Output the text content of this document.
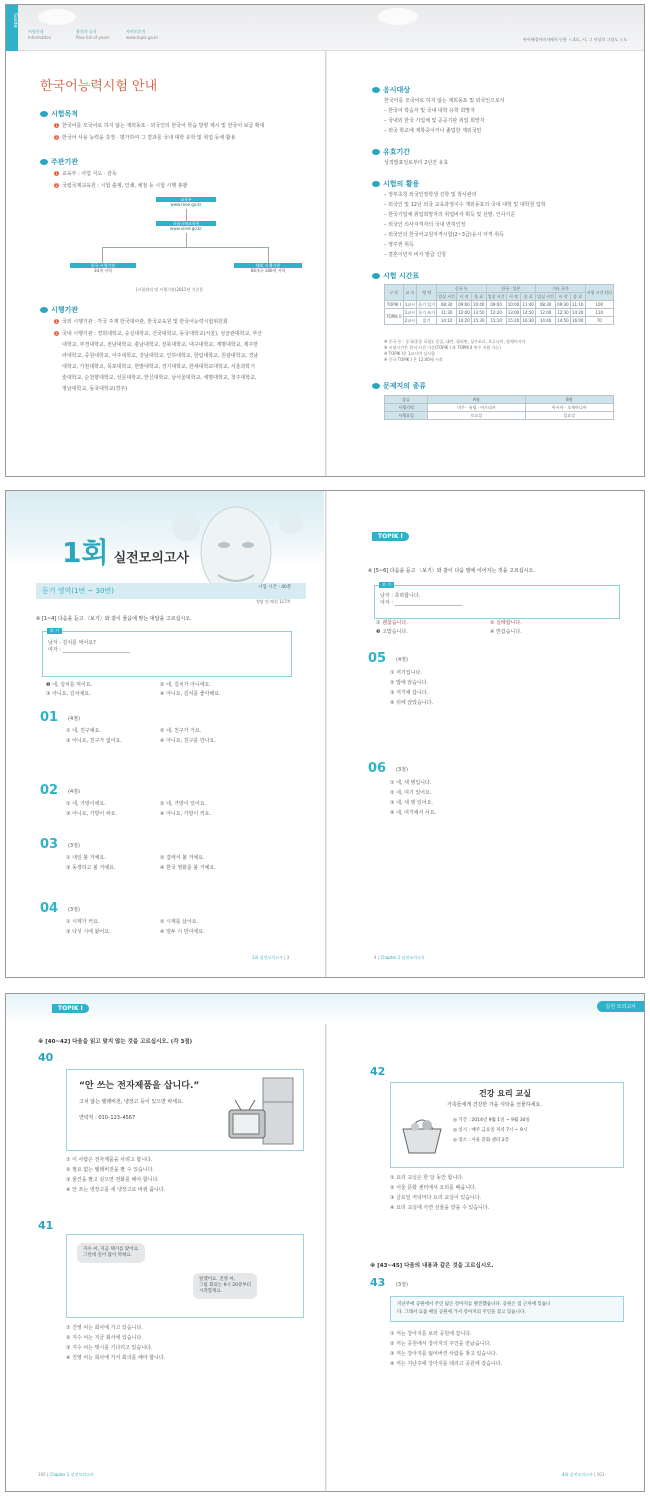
Guide
시험안내
Information
합격자 공지
Pass list of years
사이트문의
www.topik.go.kr	아이배경이미지에서 인용 ㅅ.4도, 시, 그 이상의 그림도 ㄹ도
한국어능력시험 안내
시험목적
1 한국어를 모국어로 하지 않는 재외동포 · 외국인의 한국어 학습 방향 제시 및 한국어 보급 확대
2 한국어 사용 능력을 측정 · 평가하여 그 결과를 국내 대학 유학 및 취업 등에 활용
주관기관
1 교육부 : 사업 지도 · 감독
2 국립국제교육원 : 시험 출제, 인쇄, 채점 등 시험 시행 총괄
교육부
www.moe.go.kr
국립국제교육원
www.niied.go.kr
한국 시행기관
34개 지역
해외 시행기관
68개국 180개 지역
[시험관리 및 시행기관(2015년 기준)]
시행기관
1 국외 시행기관 : 각국 주재 한국대사관, 한국교육원 및 한국어능력시험위원회
2 국내 시행기관 : 경희대학교, 숭실대학교, 건국대학교, 동국대학교(서울), 성균관대학교, 부산
대학교, 부경대학교, 전남대학교, 충남대학교, 전북대학교, 대구대학교, 계명대학교, 제주한
라대학교, 중원대학교, 아주대학교, 강남대학교, 인하대학교, 한림대학교, 원광대학교, 경남
대학교, 가천대학교, 목포대학교, 한밭대학교, 경기대학교, 한세대학교대학교, 서울과학기
술대학교, 순천향대학교, 선문대학교, 한신대학교, 남서울대학교, 세명대학교, 청주대학교,
영남대학교, 동국대학교(경주)
응시대상
한국어를 모국어로 하지 않는 재외동포 및 외국인으로서
– 한국어 학습자 및 국내 대학 유학 희망자
– 국내외 한국 기업체 및 공공기관 취업 희망자
– 외국 학교에 재학중이거나 졸업한 재외국민
유효기간
성적발표일로부터 2년간 유효
시험의 활용
– 정부초청 외국인장학생 진학 및 학사관리
– 외국인 및 12년 외국 교육과정이수 재외동포의 국내 대학 및 대학원 입학
– 한국기업체 취업희망자의 취업비자 획득 및 선발, 인사기준
– 외국인 의사자격자의 국내 면허인정
– 외국인의 한국어교원자격시험(2~3급)응시 자격 취득
– 영주권 취득
– 결혼이민자 비자 발급 신청
시험 시간표
구 분	교 시	영 역	중국 등			한국 · 일본			기타 국가			시험 시간 (분)
			입실 시간	시 작	종 료	입실 시간	시 작	종 료	입실 시간	시 작	종 료	
TOPIK I	1교시	듣기 읽기	08:30	09:00	10:40	09:00	10:00	11:40	08:30	09:30	11:10	100
TOPIK II	1교시	듣기 쓰기	11:30	12:00	13:50	12:20	13:00	14:50	12:00	12:30	14:20	110
	2교시	읽기	14:10	14:20	15:30	15:10	15:20	16:30	14:40	14:50	16:00	70
※ 중국 등 : 중국(홍콩 포함), 몽골, 대만, 필리핀, 싱가포르, 브루나이, 말레이시아
※ 시험시간은 현지 시간 기준(TOPIK Ⅰ 과 TOPIK Ⅱ 복수 지원 가능)
※ TOPIK Ⅰ은 1교시만 실시함
※ 중국 TOPIK Ⅰ 은 12:00에 시작
문제지의 종류
종류	A형	B형
시행지역	미주 · 유럽 · 아프리카	아시아 · 오세아니아
시행요일	토요일	일요일
1회 실전모의고사
듣기 영역(1번 ~ 30번)	시험 시간 : 40분
정답 및 해설 117쪽
※ [1~4] 다음을 듣고 〈보기〉와 같이 물음에 맞는 대답을 고르십시오.
보 기
남자 : 김치를 먹어요?
여자 : ___________________________
❶ 네, 김치를 먹어요.	② 네, 김치가 아니에요.
③ 아니요, 김치예요.	④ 아니요, 김치를 좋아해요.
01 (4점)
① 네, 친구예요.	② 네, 친구가 가요.
③ 아니요, 친구가 없어요.	④ 아니요, 친구를 만나요.
02 (4점)
① 네, 가방이에요.	② 네, 가방이 있어요.
③ 아니요, 가방이 싸요.	④ 아니요, 가방이 커요.
03 (3점)
① 내일 볼 거예요.	② 집에서 볼 거예요.
③ 동생하고 볼 거예요.	④ 한국 영화를 볼 거예요.
04 (3점)
① 시계가 커요.	② 시계를 샀어요.
③ 다섯 시에 왔어요.	④ 열두 시 반이에요.
1회 실전모의고사 | 3
TOPIK Ⅰ
※ [5~6] 다음을 듣고 〈보기〉와 같이 다음 말에 이어지는 것을 고르십시오.
보 기
남자 : 축하합니다.
여자 : ___________________________
① 괜찮습니다.	② 실례합니다.
❸ 고맙습니다.	④ 반갑습니다.
05 (4점)
① 저기입니다.
② 밥에 앉습니다.
③ 저기에 갑니다.
④ 뒤에 앉았습니다.
06 (3점)
① 네, 세 병입니다.
② 네, 여기 있어요.
③ 네, 세 병 있어요.
④ 네, 여기에서 사요.
4 | Chapter 1 실전모의고사
TOPIK Ⅰ	실전 모의고사
※ [40~42] 다음을 읽고 맞지 않는 것을 고르십시오. (각 3점)
40
“안 쓰는 전자제품을 삽니다.”
고치 않는 텔레비전, 냉장고 등이 있으면 파세요.
연락처 : 010–123–4567
① 이 사람은 전자제품을 사려고 합니다.
② 필요 없는 텔레비전을 팔 수 있습니다.
③ 물건을 팔고 싶으면 전화를 해야 합니다.
④ 안 쓰는 냉장고를 새 냉장고로 바꿔 줍니다.
41
지수 씨, 지금 택시를 탔어요.
그런데 길이 많이 막혀요.
알겠어요. 진영 씨,
그럼 회의는 9시 20분부터
시작할게요.
① 진영 씨는 회사에 가고 있습니다.
② 지수 씨는 지금 회사에 있습니다.
③ 지수 씨는 택시를 기다리고 있습니다.
④ 진영 씨는 회사에 가서 회의를 해야 합니다.
100 | Chapter 1 실전모의고사
42
건강 요리 교실
가족들에게 건강한 가을 식탁을 선물하세요.
◎ 기간 : 2014년 9월 1일 ~ 9월 30일
◎ 일시 : 매주 금요일 저녁 7시 ~ 9시
◎ 장소 : 서울 문화 센터 2층
① 요리 교실은 한 달 동안 합니다.
② 서울 문화 센터에서 요리를 배웁니다.
③ 금요일 저녁마다 요리 교실이 있습니다.
④ 요리 교실에 가면 선물을 받을 수 있습니다.
※ [43~45] 다음의 내용과 같은 것을 고르십시오.
43 (3점)
지난주에 공원에서 주인 잃은 강아지를 발견했습니다. 공원은 집 근처에 있습니
다. 그래서 요즘 매일 공원에 가서 강아지의 주인을 찾고 있습니다.
① 저는 강아지를 보러 공원에 갑니다.
② 저는 공원에서 강아지의 주인을 만났습니다.
③ 저는 강아지를 잃어버린 사람을 찾고 있습니다.
④ 저는 지난주에 강아지를 데리고 공원에 갔습니다.
4회 실전모의고사 | 101
